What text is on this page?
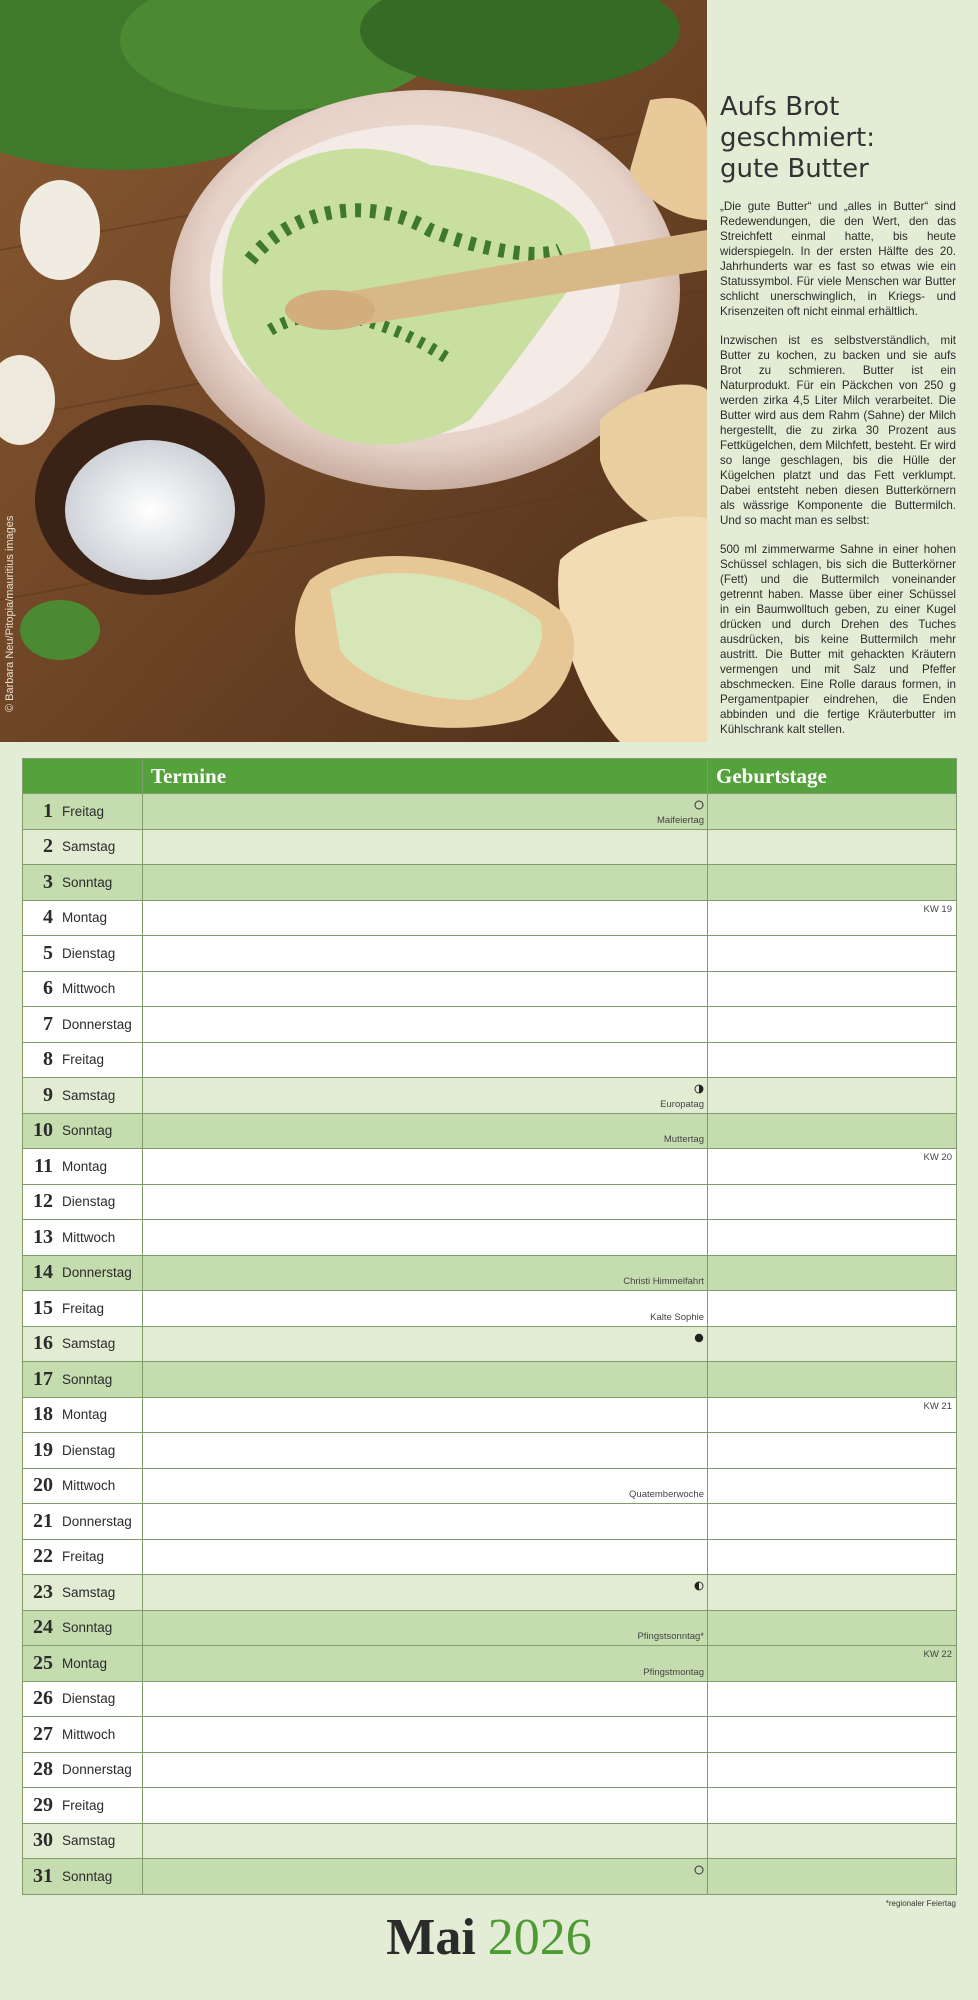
© Barbara Neu/Pitopia/mauritius images
Aufs Brot
geschmiert:
gute Butter

„Die gute Butter“ und „alles in Butter“ sind Redewendungen, die den Wert, den das Streichfett einmal hatte, bis heute widerspiegeln. In der ersten Hälfte des 20. Jahrhunderts war es fast so etwas wie ein Statussymbol. Für viele Menschen war Butter schlicht unerschwinglich, in Kriegs- und Krisenzeiten oft nicht einmal erhältlich.

Inzwischen ist es selbstverständlich, mit Butter zu kochen, zu backen und sie aufs Brot zu schmieren. Butter ist ein Naturprodukt. Für ein Päckchen von 250 g werden zirka 4,5 Liter Milch verarbeitet. Die Butter wird aus dem Rahm (Sahne) der Milch hergestellt, die zu zirka 30 Prozent aus Fettkügelchen, dem Milchfett, besteht. Er wird so lange geschlagen, bis die Hülle der Kügelchen platzt und das Fett verklumpt. Dabei entsteht neben diesen Butterkörnern als wässrige Komponente die Buttermilch. Und so macht man es selbst:

500 ml zimmerwarme Sahne in einer hohen Schüssel schlagen, bis sich die Butterkörner (Fett) und die Buttermilch voneinander getrennt haben. Masse über einer Schüssel in ein Baumwolltuch geben, zu einer Kugel drücken und durch Drehen des Tuches ausdrücken, bis keine Buttermilch mehr austritt. Die Butter mit gehackten Kräutern vermengen und mit Salz und Pfeffer abschmecken. Eine Rolle daraus formen, in Pergamentpapier eindrehen, die Enden abbinden und die fertige Kräuterbutter im Kühlschrank kalt stellen.

	Termine	Geburtstage
1 Freitag	Maifeiertag	

2 Samstag		
3 Sonntag		
4 Montag		KW 19

5 Dienstag		
6 Mittwoch		
7 Donnerstag		
8 Freitag		
9 Samstag	Europatag	

10 Sonntag	Muttertag	

11 Montag		KW 20

12 Dienstag		
13 Mittwoch		
14 Donnerstag	Christi Himmelfahrt	

15 Freitag	Kalte Sophie	

16 Samstag	

17 Sonntag		
18 Montag		KW 21

19 Dienstag		
20 Mittwoch	Quatemberwoche	

21 Donnerstag		
22 Freitag		
23 Samstag	

24 Sonntag	Pfingstsonntag*	

25 Montag	Pfingstmontag	KW 22

26 Dienstag		
27 Mittwoch		
28 Donnerstag		
29 Freitag		
30 Samstag		
31 Sonntag	

*regionaler Feiertag
Mai 2026
